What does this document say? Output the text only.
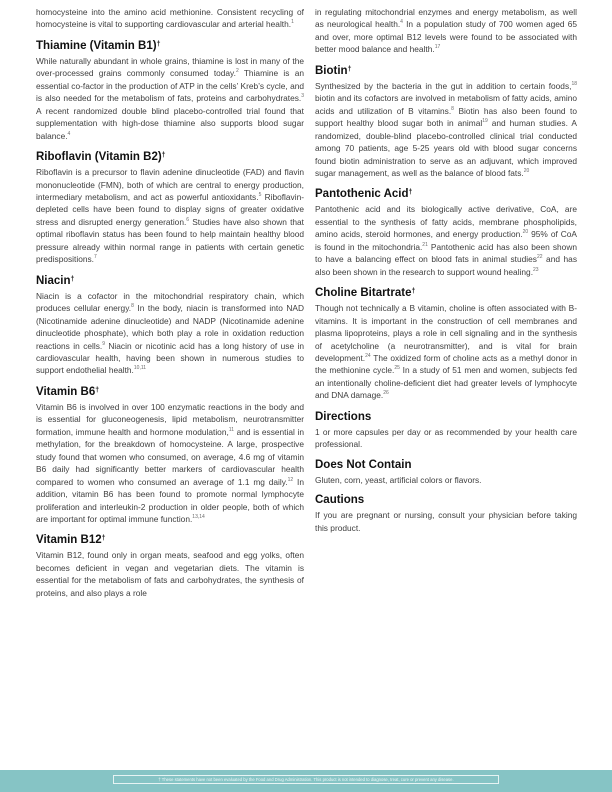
homocysteine into the amino acid methionine. Consistent recycling of homocysteine is vital to supporting cardiovascular and arterial health.$^1$

Thiamine (Vitamin B1)†

While naturally abundant in whole grains, thiamine is lost in many of the over-processed grains commonly consumed today.$^2$ Thiamine is an essential co-factor in the production of ATP in the cells’ Kreb’s cycle, and is also needed for the metabolism of fats, proteins and carbohydrates.$^3$ A recent randomized double blind placebo-controlled trial found that supplementation with high-dose thiamine also supports blood sugar balance.$^4$

Riboflavin (Vitamin B2)†

Riboflavin is a precursor to flavin adenine dinucleotide (FAD) and flavin mononucleotide (FMN), both of which are central to energy production, intermediary metabolism, and act as powerful antioxidants.$^5$ Riboflavin-depleted cells have been found to display signs of greater oxidative stress and disrupted energy generation.$^6$ Studies have also shown that optimal riboflavin status has been found to help maintain healthy blood pressure already within normal range in patients with certain genetic predispositions.$^7$

Niacin†

Niacin is a cofactor in the mitochondrial respiratory chain, which produces cellular energy.$^8$ In the body, niacin is transformed into NAD (Nicotinamide adenine dinucleotide) and NADP (Nicotinamide adenine dinucleotide phosphate), which both play a role in oxidation reduction reactions in cells.$^9$ Niacin or nicotinic acid has a long history of use in cardiovascular health, having been shown in numerous studies to support endothelial health.$^{10,11}$

Vitamin B6†

Vitamin B6 is involved in over 100 enzymatic reactions in the body and is essential for gluconeogenesis, lipid metabolism, neurotransmitter formation, immune health and hormone modulation,$^{11}$ and is essential in methylation, for the breakdown of homocysteine. A large, prospective study found that women who consumed, on average, 4.6 mg of vitamin B6 daily had significantly better markers of cardiovascular health compared to women who consumed an average of 1.1 mg daily.$^{12}$ In addition, vitamin B6 has been found to promote normal lymphocyte proliferation and interleukin-2 production in older people, both of which are important for optimal immune function.$^{13,14}$

Vitamin B12†

Vitamin B12, found only in organ meats, seafood and egg yolks, often becomes deficient in vegan and vegetarian diets. The vitamin is essential for the metabolism of fats and carbohydrates, the synthesis of proteins, and also plays a role

in regulating mitochondrial enzymes and energy metabolism, as well as neurological health.$^4$ In a population study of 700 women aged 65 and over, more optimal B12 levels were found to be associated with better mood balance and health.$^{17}$

Biotin†

Synthesized by the bacteria in the gut in addition to certain foods,$^{18}$ biotin and its cofactors are involved in metabolism of fatty acids, amino acids and utilization of B vitamins.$^8$ Biotin has also been found to support healthy blood sugar both in animal$^{19}$ and human studies. A randomized, double-blind placebo-controlled clinical trial conducted among 70 patients, age 5-25 years old with blood sugar concerns found biotin administration to serve as an adjuvant, which improved sugar management, as well as the balance of blood fats.$^{20}$

Pantothenic Acid†

Pantothenic acid and its biologically active derivative, CoA, are essential to the synthesis of fatty acids, membrane phospholipids, amino acids, steroid hormones, and energy production.$^{20}$ 95% of CoA is found in the mitochondria.$^{21}$ Pantothenic acid has also been shown to have a balancing effect on blood fats in animal studies$^{22}$ and has also been shown in the research to support wound healing.$^{23}$

Choline Bitartrate†

Though not technically a B vitamin, choline is often associated with B-vitamins. It is important in the construction of cell membranes and plasma lipoproteins, plays a role in cell signaling and in the synthesis of acetylcholine (a neurotransmitter), and is vital for brain development.$^{24}$ The oxidized form of choline acts as a methyl donor in the methionine cycle.$^{25}$ In a study of 51 men and women, subjects fed an intentionally choline-deficient diet had greater levels of lymphocyte and DNA damage.$^{26}$

Directions

1 or more capsules per day or as recommended by your health care professional.

Does Not Contain

Gluten, corn, yeast, artificial colors or flavors.

Cautions

If you are pregnant or nursing, consult your physician before taking this product.

† These statements have not been evaluated by the Food and Drug Administration. This product is not intended to diagnose, treat, cure or prevent any disease.
